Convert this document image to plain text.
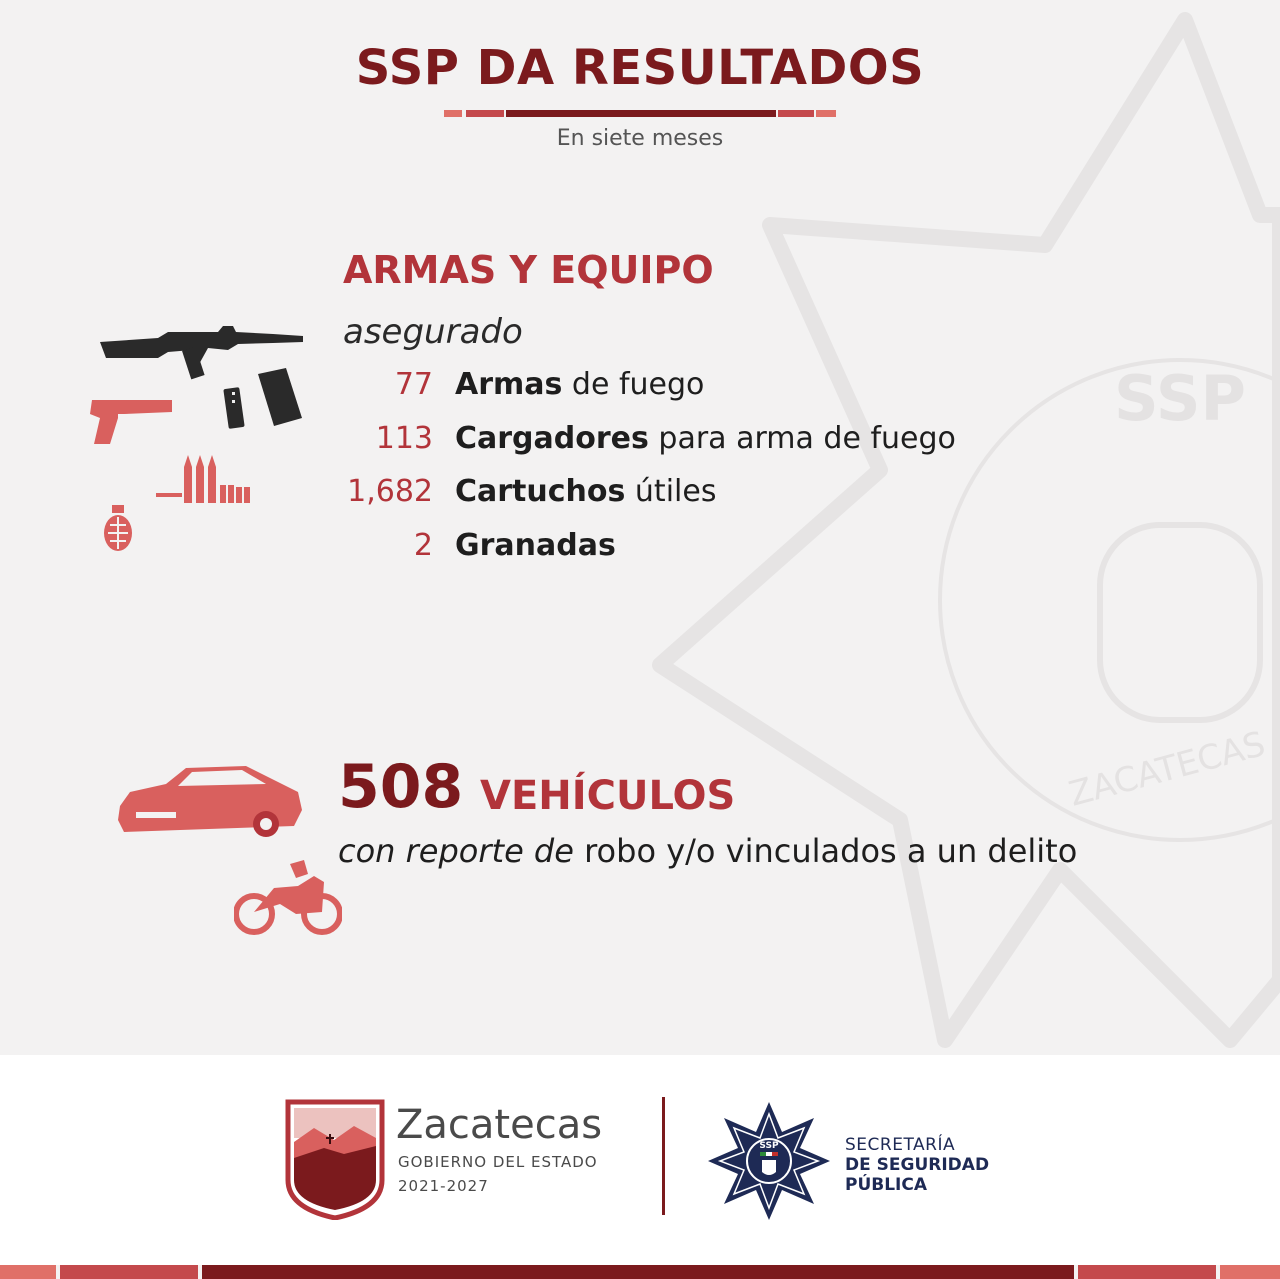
SSP
ZACATECAS
SSP DA RESULTADOS
En siete meses
ARMAS Y EQUIPO
asegurado
77 Armas de fuego
113 Cargadores para arma de fuego
1,682 Cartuchos útiles
2 Granadas
508 VEHÍCULOS
con reporte de robo y/o vinculados a un delito
Zacatecas
GOBIERNO DEL ESTADO
2021-2027
SSP	SECRETARÍA
DE SEGURIDAD
PÚBLICA
